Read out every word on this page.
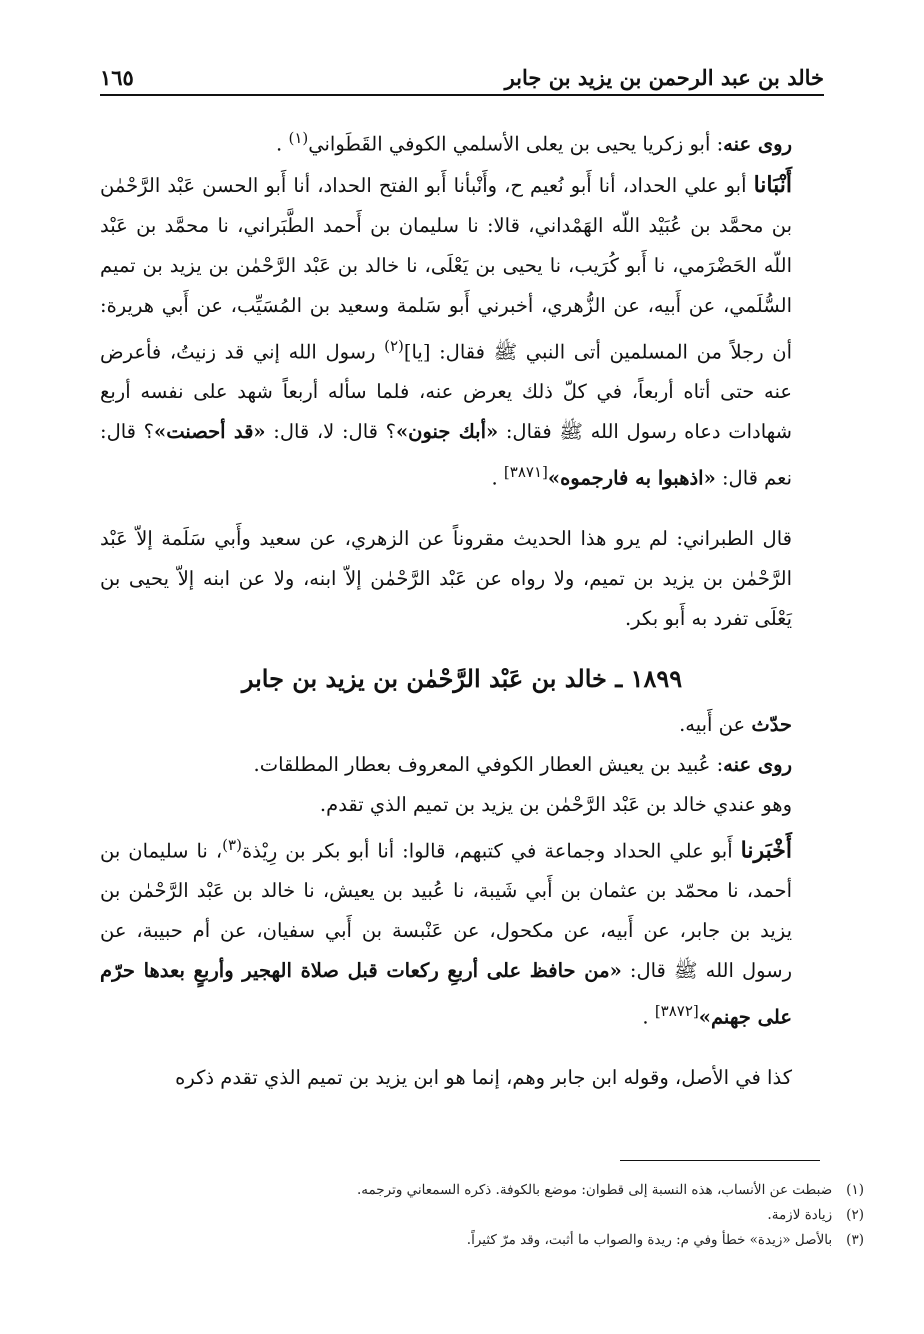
خالد بن عبد الرحمن بن يزيد بن جابر
١٦٥

روى عنه: أبو زكريا يحيى بن يعلى الأسلمي الكوفي القَطَواني$^{(١)}$ .

أَنْبَانا أبو علي الحداد، أنا أَبو نُعيم ح، وأَنْبأنا أَبو الفتح الحداد، أنا أَبو الحسن عَبْد الرَّحْمٰن بن محمَّد بن عُبَيْد اللّه الهَمْداني، قالا: نا سليمان بن أَحمد الطَّبَراني، نا محمَّد بن عَبْد اللّه الحَضْرَمي، نا أَبو كُرَيب، نا يحيى بن يَعْلَى، نا خالد بن عَبْد الرَّحْمٰن بن يزيد بن تميم السُّلَمي، عن أَبيه، عن الزُّهري، أخبرني أَبو سَلمة وسعيد بن المُسَيِّب، عن أَبي هريرة: أن رجلاً من المسلمين أتى النبي ﷺ فقال: [يا]$^{(٢)}$ رسول الله إني قد زنيتُ، فأعرض عنه حتى أتاه أربعاً، في كلّ ذلك يعرض عنه، فلما سأله أربعاً شهد على نفسه أربع شهادات دعاه رسول الله ﷺ فقال: «أبك جنون»؟ قال: لا، قال: «قد أحصنت»؟ قال: نعم قال: «اذهبوا به فارجموه»[٣٨٧١] .

قال الطبراني: لم يرو هذا الحديث مقروناً عن الزهري، عن سعيد وأَبي سَلَمة إلاّ عَبْد الرَّحْمٰن بن يزيد بن تميم، ولا رواه عن عَبْد الرَّحْمٰن إلاّ ابنه، ولا عن ابنه إلاّ يحيى بن يَعْلَى تفرد به أَبو بكر.

١٨٩٩ ـ خالد بن عَبْد الرَّحْمٰن بن يزيد بن جابر

حدّث عن أَبيه.

روى عنه: عُبيد بن يعيش العطار الكوفي المعروف بعطار المطلقات.

وهو عندي خالد بن عَبْد الرَّحْمٰن بن يزيد بن تميم الذي تقدم.

أَخْبَرنا أَبو علي الحداد وجماعة في كتبهم، قالوا: أنا أبو بكر بن رِيْذة$^{(٣)}$، نا سليمان بن أحمد، نا محمّد بن عثمان بن أَبي شَيبة، نا عُبيد بن يعيش، نا خالد بن عَبْد الرَّحْمٰن بن يزيد بن جابر، عن أَبيه، عن مكحول، عن عَنْبسة بن أَبي سفيان، عن أم حبيبة، عن رسول الله ﷺ قال: «من حافظ على أربعِ ركعات قبل صلاة الهجير وأربعٍ بعدها حرّم على جهنم»[٣٨٧٢] .

كذا في الأصل، وقوله ابن جابر وهم، إنما هو ابن يزيد بن تميم الذي تقدم ذكره

(١)
ضبطت عن الأنساب، هذه النسبة إلى قطوان: موضع بالكوفة. ذكره السمعاني وترجمه.
(٢)
زيادة لازمة.
(٣)
بالأصل «زيدة» خطأ وفي م: ريدة والصواب ما أثبت، وقد مرّ كثيراً.
